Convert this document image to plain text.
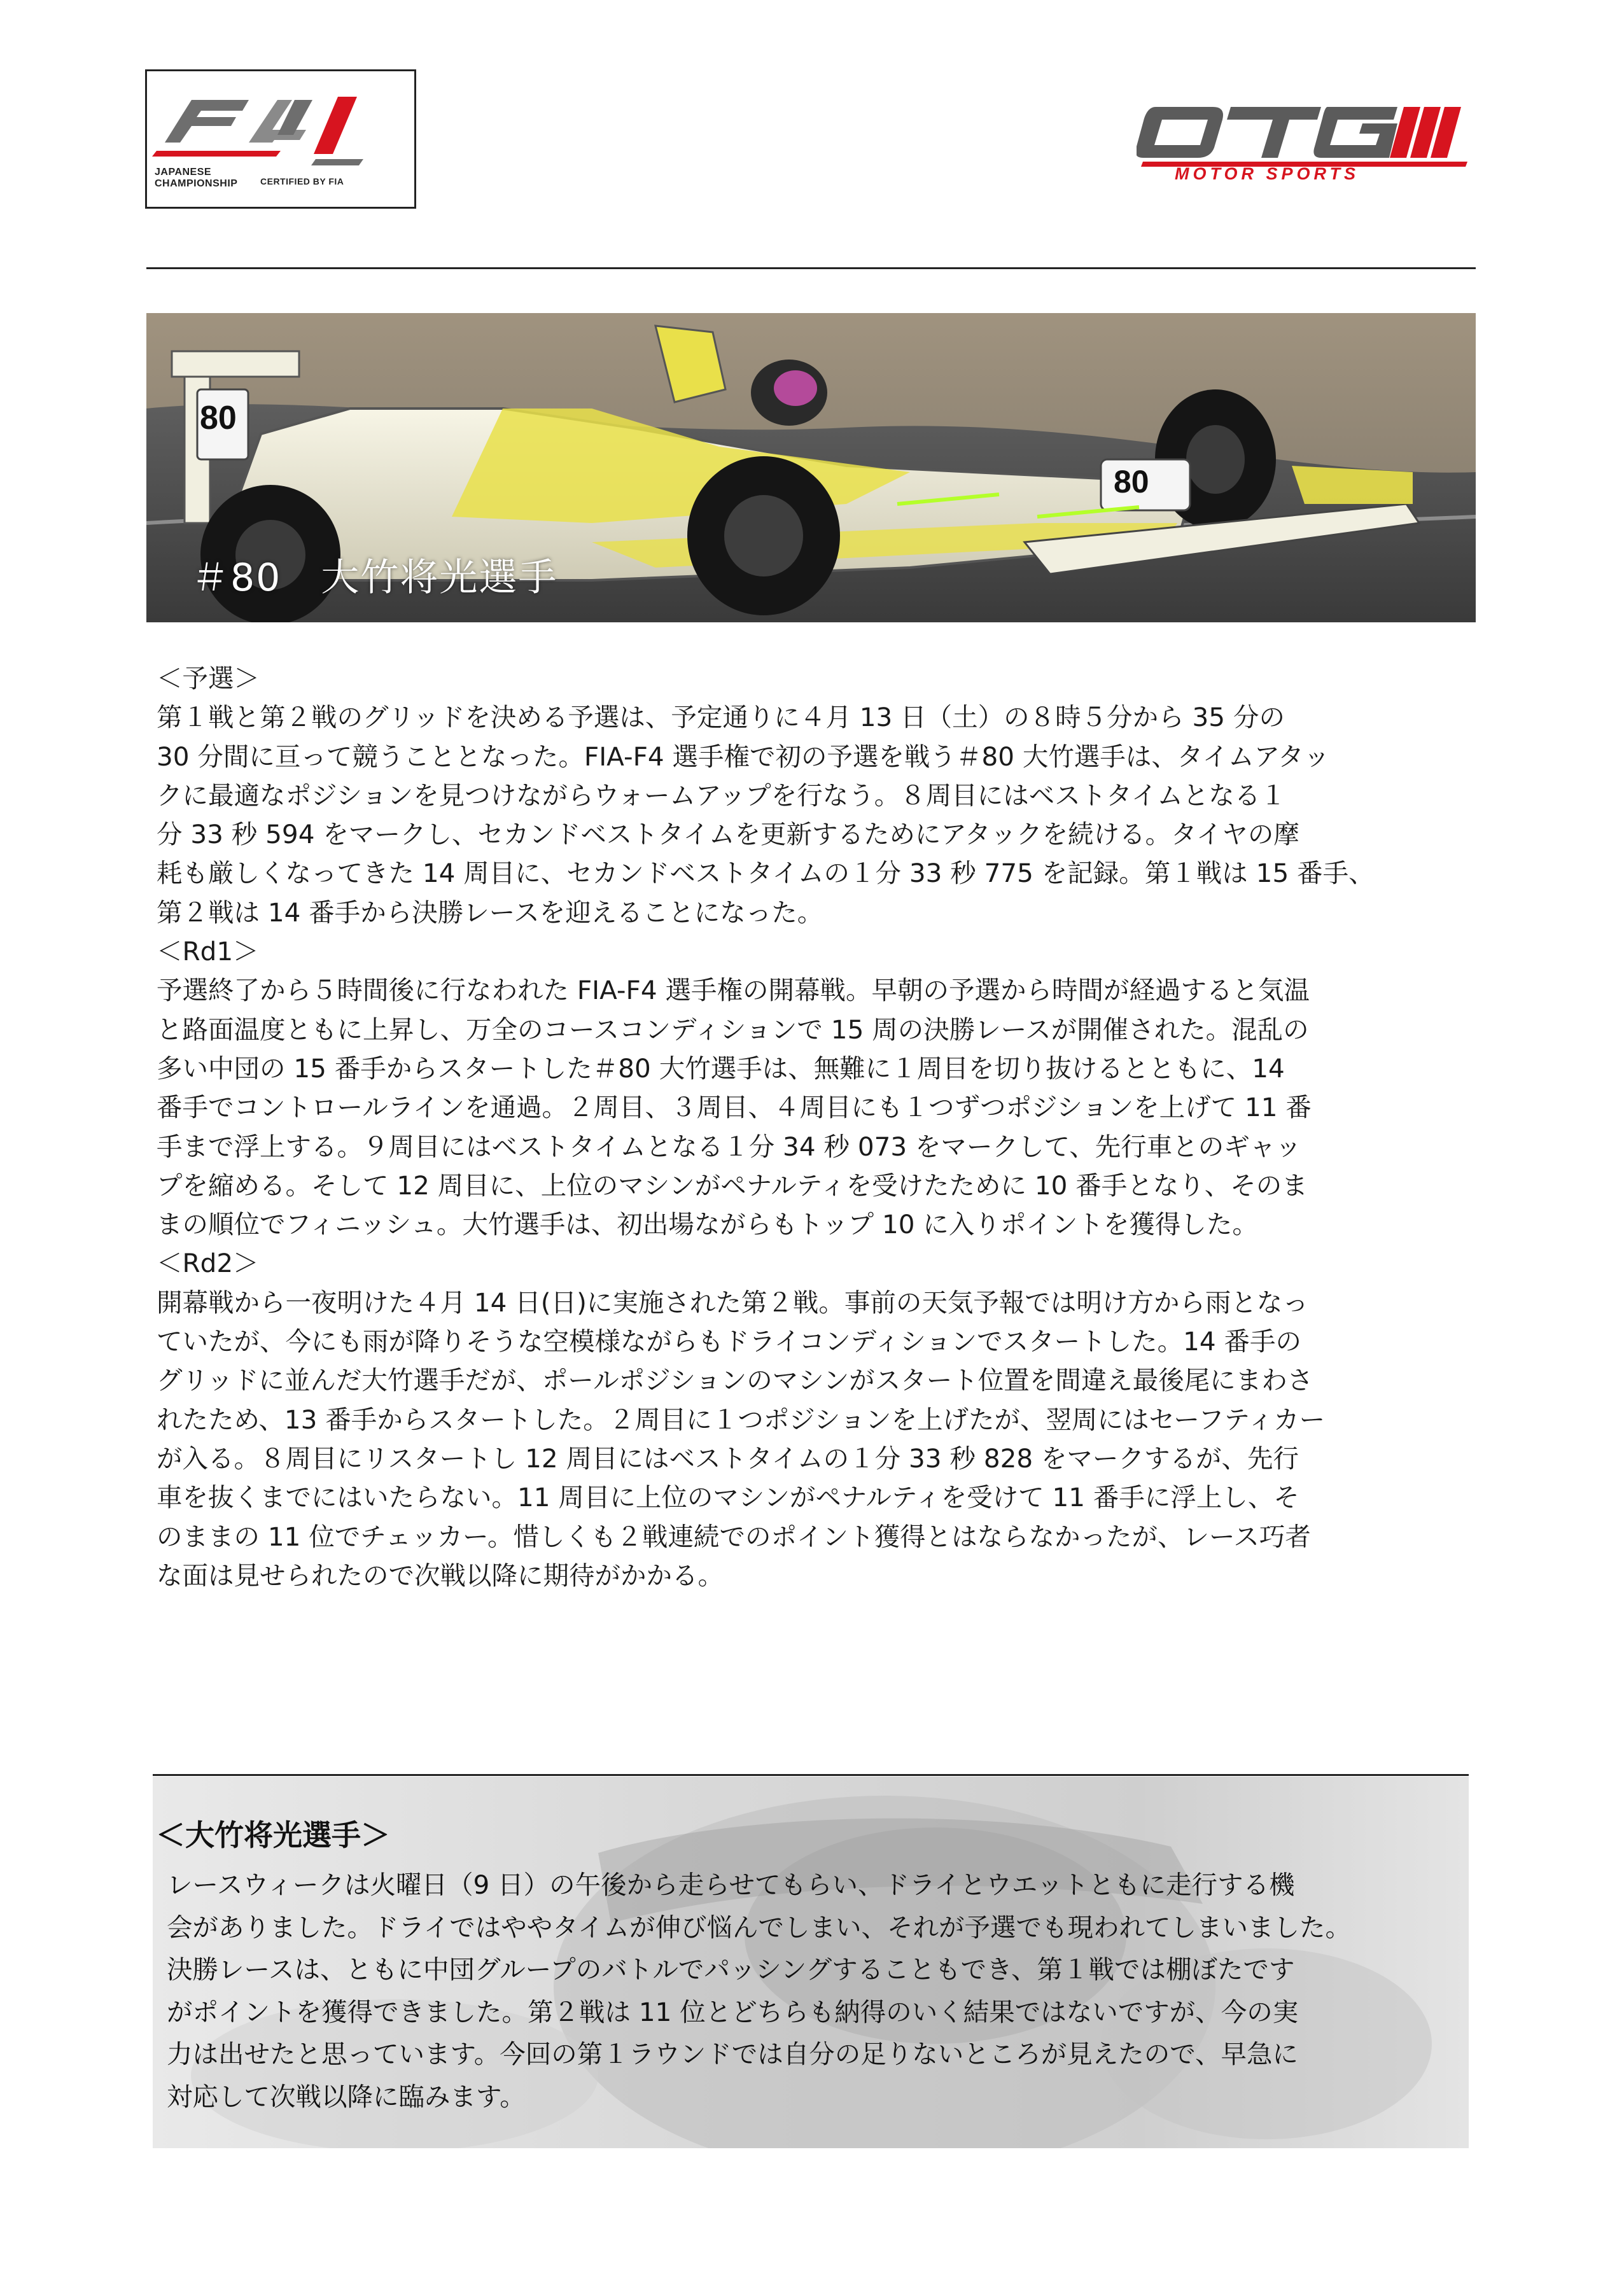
JAPANESE
CHAMPIONSHIP	CERTIFIED BY FIA	MOTOR SPORTS
80
80
＃80　大竹将光選手

＜予選＞

第１戦と第２戦のグリッドを決める予選は、予定通りに４月 13 日（土）の８時５分から 35 分の

30 分間に亘って競うこととなった。FIA-F4 選手権で初の予選を戦う＃80 大竹選手は、タイムアタッ

クに最適なポジションを見つけながらウォームアップを行なう。８周目にはベストタイムとなる１

分 33 秒 594 をマークし、セカンドベストタイムを更新するためにアタックを続ける。タイヤの摩

耗も厳しくなってきた 14 周目に、セカンドベストタイムの１分 33 秒 775 を記録。第１戦は 15 番手、

第２戦は 14 番手から決勝レースを迎えることになった。

＜Rd1＞

予選終了から５時間後に行なわれた FIA-F4 選手権の開幕戦。早朝の予選から時間が経過すると気温

と路面温度ともに上昇し、万全のコースコンディションで 15 周の決勝レースが開催された。混乱の

多い中団の 15 番手からスタートした＃80 大竹選手は、無難に１周目を切り抜けるとともに、14

番手でコントロールラインを通過。２周目、３周目、４周目にも１つずつポジションを上げて 11 番

手まで浮上する。９周目にはベストタイムとなる１分 34 秒 073 をマークして、先行車とのギャッ

プを縮める。そして 12 周目に、上位のマシンがペナルティを受けたために 10 番手となり、そのま

まの順位でフィニッシュ。大竹選手は、初出場ながらもトップ 10 に入りポイントを獲得した。

＜Rd2＞

開幕戦から一夜明けた４月 14 日(日)に実施された第２戦。事前の天気予報では明け方から雨となっ

ていたが、今にも雨が降りそうな空模様ながらもドライコンディションでスタートした。14 番手の

グリッドに並んだ大竹選手だが、ポールポジションのマシンがスタート位置を間違え最後尾にまわさ

れたため、13 番手からスタートした。２周目に１つポジションを上げたが、翌周にはセーフティカー

が入る。８周目にリスタートし 12 周目にはベストタイムの１分 33 秒 828 をマークするが、先行

車を抜くまでにはいたらない。11 周目に上位のマシンがペナルティを受けて 11 番手に浮上し、そ

のままの 11 位でチェッカー。惜しくも２戦連続でのポイント獲得とはならなかったが、レース巧者

な面は見せられたので次戦以降に期待がかかる。

＜大竹将光選手＞

レースウィークは火曜日（9 日）の午後から走らせてもらい、ドライとウエットともに走行する機

会がありました。ドライではややタイムが伸び悩んでしまい、それが予選でも現われてしまいました。

決勝レースは、ともに中団グループのバトルでパッシングすることもでき、第１戦では棚ぼたです

がポイントを獲得できました。第２戦は 11 位とどちらも納得のいく結果ではないですが、今の実

力は出せたと思っています。今回の第１ラウンドでは自分の足りないところが見えたので、早急に

対応して次戦以降に臨みます。
